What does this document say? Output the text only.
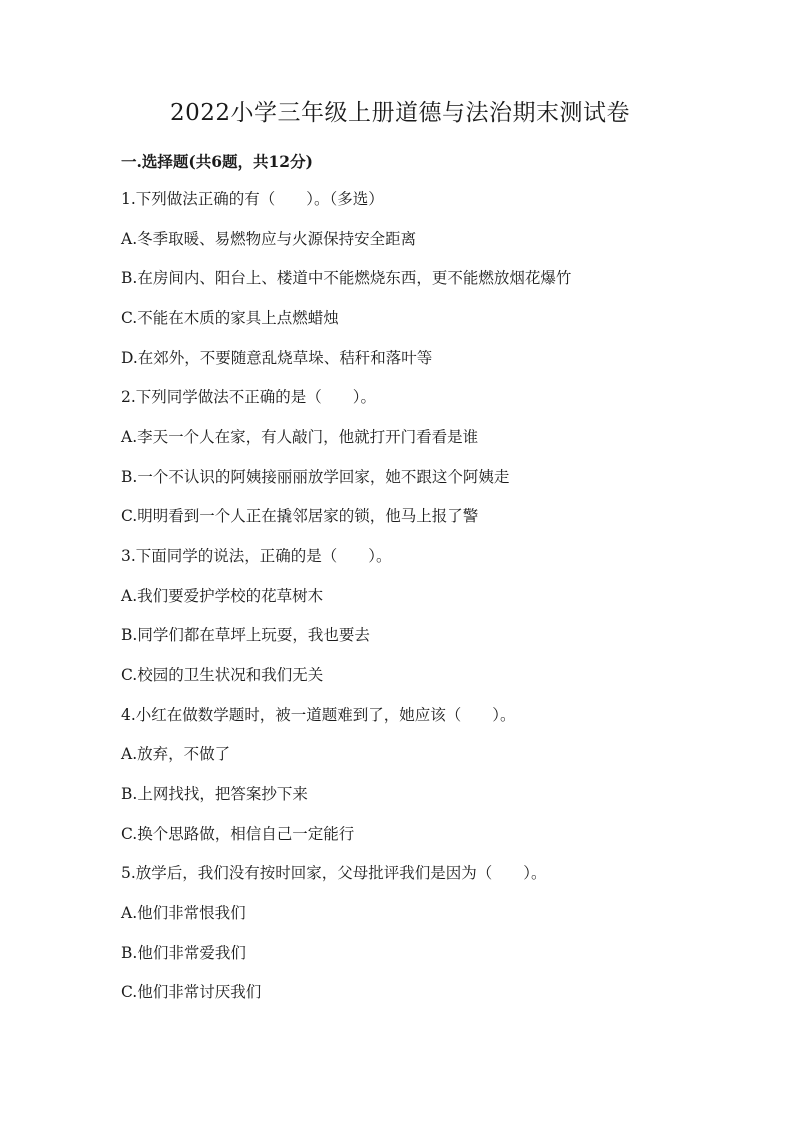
2022小学三年级上册道德与法治期末测试卷
一.选择题(共6题，共12分)
1.下列做法正确的有（　　）。（多选）
A.冬季取暖、易燃物应与火源保持安全距离
B.在房间内、阳台上、楼道中不能燃烧东西，更不能燃放烟花爆竹
C.不能在木质的家具上点燃蜡烛
D.在郊外，不要随意乱烧草垛、秸秆和落叶等
2.下列同学做法不正确的是（　　）。
A.李天一个人在家，有人敲门，他就打开门看看是谁
B.一个不认识的阿姨接丽丽放学回家，她不跟这个阿姨走
C.明明看到一个人正在撬邻居家的锁，他马上报了警
3.下面同学的说法，正确的是（　　）。
A.我们要爱护学校的花草树木
B.同学们都在草坪上玩耍，我也要去
C.校园的卫生状况和我们无关
4.小红在做数学题时，被一道题难到了，她应该（　　）。
A.放弃，不做了
B.上网找找，把答案抄下来
C.换个思路做，相信自己一定能行
5.放学后，我们没有按时回家，父母批评我们是因为（　　）。
A.他们非常恨我们
B.他们非常爱我们
C.他们非常讨厌我们
